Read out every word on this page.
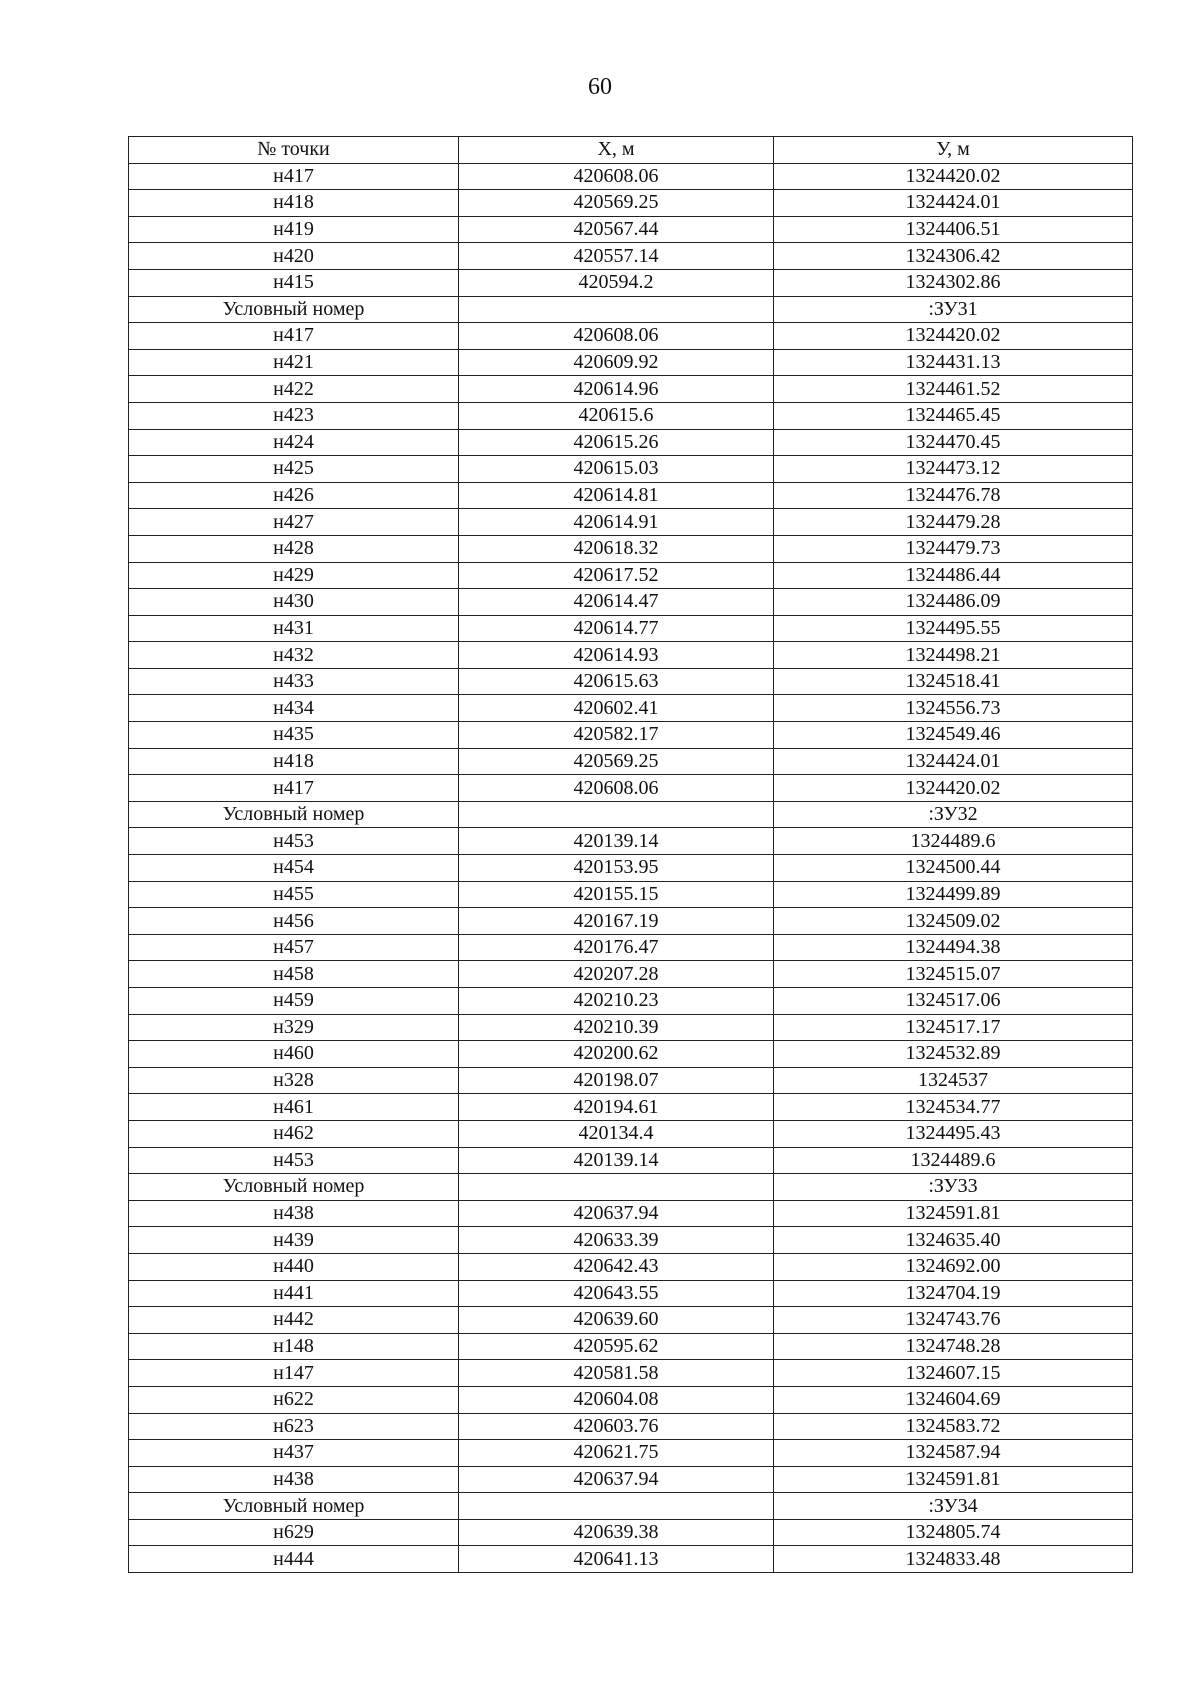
60
№ точки	Х, м	У, м
н417	420608.06	1324420.02
н418	420569.25	1324424.01
н419	420567.44	1324406.51
н420	420557.14	1324306.42
н415	420594.2	1324302.86
Условный номер		:ЗУ31
н417	420608.06	1324420.02
н421	420609.92	1324431.13
н422	420614.96	1324461.52
н423	420615.6	1324465.45
н424	420615.26	1324470.45
н425	420615.03	1324473.12
н426	420614.81	1324476.78
н427	420614.91	1324479.28
н428	420618.32	1324479.73
н429	420617.52	1324486.44
н430	420614.47	1324486.09
н431	420614.77	1324495.55
н432	420614.93	1324498.21
н433	420615.63	1324518.41
н434	420602.41	1324556.73
н435	420582.17	1324549.46
н418	420569.25	1324424.01
н417	420608.06	1324420.02
Условный номер		:ЗУ32
н453	420139.14	1324489.6
н454	420153.95	1324500.44
н455	420155.15	1324499.89
н456	420167.19	1324509.02
н457	420176.47	1324494.38
н458	420207.28	1324515.07
н459	420210.23	1324517.06
н329	420210.39	1324517.17
н460	420200.62	1324532.89
н328	420198.07	1324537
н461	420194.61	1324534.77
н462	420134.4	1324495.43
н453	420139.14	1324489.6
Условный номер		:ЗУ33
н438	420637.94	1324591.81
н439	420633.39	1324635.40
н440	420642.43	1324692.00
н441	420643.55	1324704.19
н442	420639.60	1324743.76
н148	420595.62	1324748.28
н147	420581.58	1324607.15
н622	420604.08	1324604.69
н623	420603.76	1324583.72
н437	420621.75	1324587.94
н438	420637.94	1324591.81
Условный номер		:ЗУ34
н629	420639.38	1324805.74
н444	420641.13	1324833.48
